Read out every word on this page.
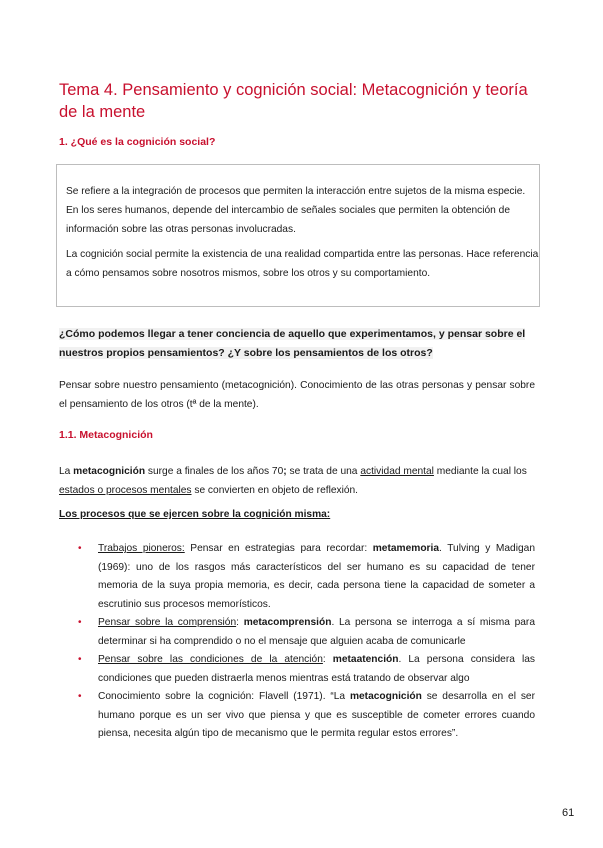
Tema 4. Pensamiento y cognición social: Metacognición y teoría de la mente
1. ¿Qué es la cognición social?

Se refiere a la integración de procesos que permiten la interacción entre sujetos de la misma especie. En los seres humanos, depende del intercambio de señales sociales que permiten la obtención de información sobre las otras personas involucradas.

La cognición social permite la existencia de una realidad compartida entre las personas. Hace referencia a cómo pensamos sobre nosotros mismos, sobre los otros y su comportamiento.

¿Cómo podemos llegar a tener conciencia de aquello que experimentamos, y pensar sobre el nuestros propios pensamientos? ¿Y sobre los pensamientos de los otros?

Pensar sobre nuestro pensamiento (metacognición). Conocimiento de las otras personas y pensar sobre el pensamiento de los otros (tª de la mente).

1.1. Metacognición

La metacognición surge a finales de los años 70; se trata de una actividad mental mediante la cual los estados o procesos mentales se convierten en objeto de reflexión.

Los procesos que se ejercen sobre la cognición misma:

• Trabajos pioneros: Pensar en estrategias para recordar: metamemoria. Tulving y Madigan (1969): uno de los rasgos más característicos del ser humano es su capacidad de tener memoria de la suya propia memoria, es decir, cada persona tiene la capacidad de someter a escrutinio sus procesos memorísticos.
• Pensar sobre la comprensión: metacomprensión. La persona se interroga a sí misma para determinar si ha comprendido o no el mensaje que alguien acaba de comunicarle
• Pensar sobre las condiciones de la atención: metaatención. La persona considera las condiciones que pueden distraerla menos mientras está tratando de observar algo
• Conocimiento sobre la cognición: Flavell (1971). “La metacognición se desarrolla en el ser humano porque es un ser vivo que piensa y que es susceptible de cometer errores cuando piensa, necesita algún tipo de mecanismo que le permita regular estos errores”.

61
